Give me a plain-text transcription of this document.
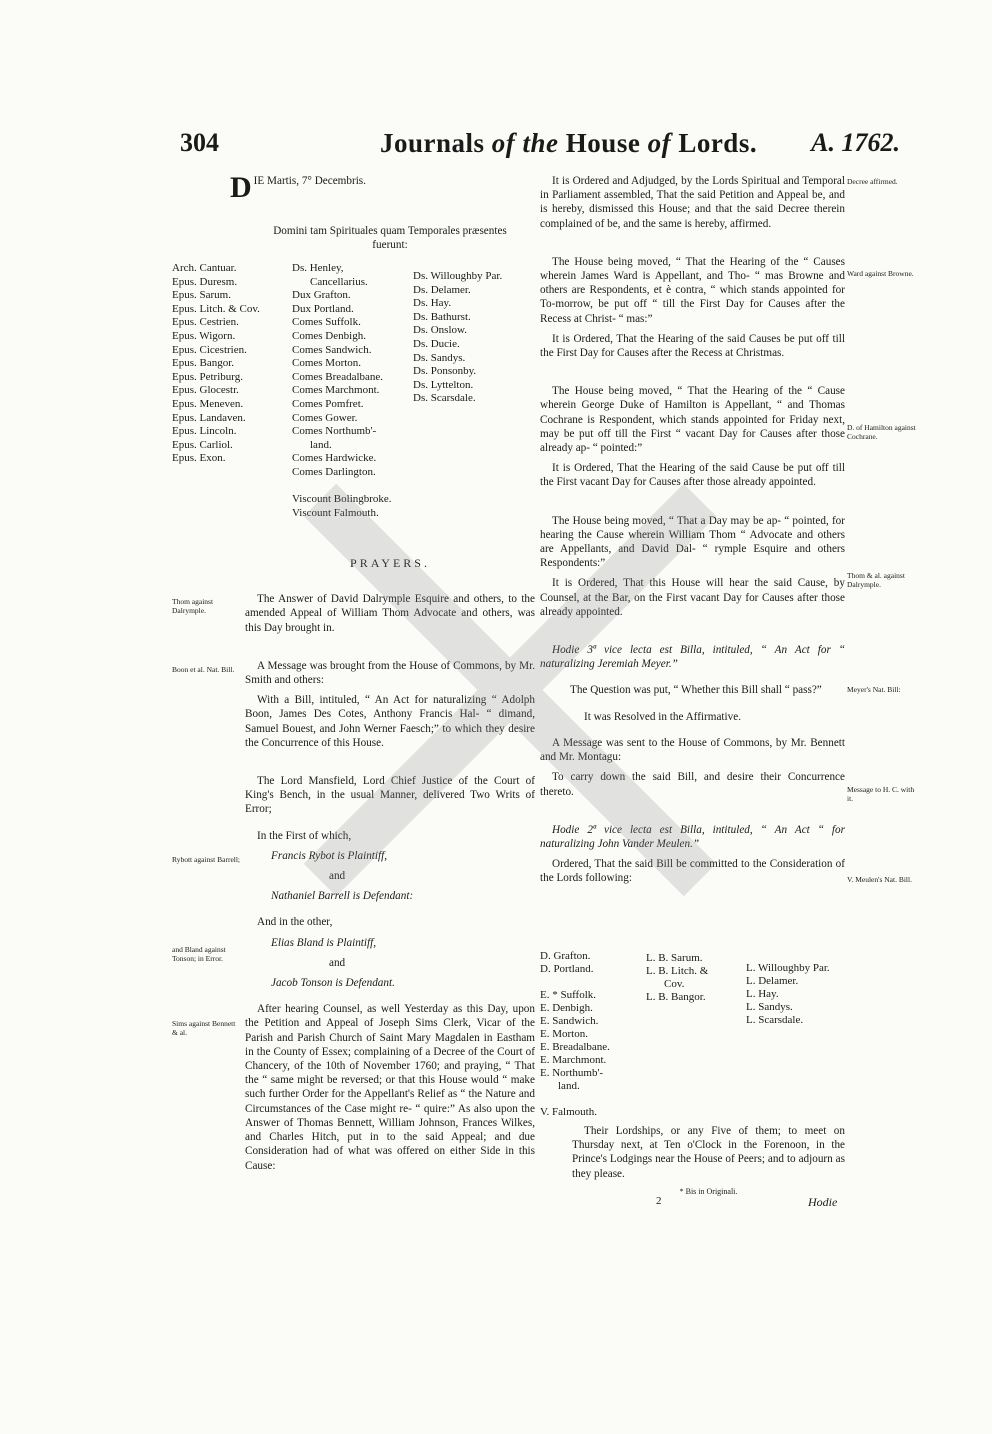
304	Journals of the House of Lords. A. 1762.
D IE Martis, 7° Decembris.

Domini tam Spirituales quam Temporales præsentes

fuerunt:

Arch. Cantuar.
Epus. Duresm.
Epus. Sarum.
Epus. Litch. & Cov.
Epus. Cestrien.
Epus. Wigorn.
Epus. Cicestrien.
Epus. Bangor.
Epus. Petriburg.
Epus. Glocestr.
Epus. Meneven.
Epus. Landaven.
Epus. Lincoln.
Epus. Carliol.
Epus. Exon.
Ds. Henley,
Cancellarius.
Dux Grafton.
Dux Portland.
Comes Suffolk.
Comes Denbigh.
Comes Sandwich.
Comes Morton.
Comes Breadalbane.
Comes Marchmont.
Comes Pomfret.
Comes Gower.
Comes Northumb'-
land.
Comes Hardwicke.
Comes Darlington.

Viscount Bolingbroke.
Viscount Falmouth.
Ds. Willoughby Par.
Ds. Delamer.
Ds. Hay.
Ds. Bathurst.
Ds. Onslow.
Ds. Ducie.
Ds. Sandys.
Ds. Ponsonby.
Ds. Lyttelton.
Ds. Scarsdale.

PRAYERS.

The Answer of David Dalrymple Esquire and others, to the amended Appeal of William Thom Advocate and others, was this Day brought in.

A Message was brought from the House of Commons, by Mr. Smith and others:

With a Bill, intituled, “ An Act for naturalizing “ Adolph Boon, James Des Cotes, Anthony Francis Hal- “ dimand, Samuel Bouest, and John Werner Faesch;” to which they desire the Concurrence of this House.

The Lord Mansfield, Lord Chief Justice of the Court of King's Bench, in the usual Manner, delivered Two Writs of Error;

In the First of which,

Francis Rybot is Plaintiff,

and

Nathaniel Barrell is Defendant:

And in the other,

Elias Bland is Plaintiff,

and

Jacob Tonson is Defendant.

After hearing Counsel, as well Yesterday as this Day, upon the Petition and Appeal of Joseph Sims Clerk, Vicar of the Parish and Parish Church of Saint Mary Magdalen in Eastham in the County of Essex; complaining of a Decree of the Court of Chancery, of the 10th of November 1760; and praying, “ That the “ same might be reversed; or that this House would “ make such further Order for the Appellant's Relief as “ the Nature and Circumstances of the Case might re- “ quire:” As also upon the Answer of Thomas Bennett, William Johnson, Frances Wilkes, and Charles Hitch, put in to the said Appeal; and due Consideration had of what was offered on either Side in this Cause:

Thom against Dalrymple.
Boon et al. Nat. Bill.
Rybott against Barrell;
and Bland against Tonson; in Error.
Sims against Bennett & al.

It is Ordered and Adjudged, by the Lords Spiritual and Temporal in Parliament assembled, That the said Petition and Appeal be, and is hereby, dismissed this House; and that the said Decree therein complained of be, and the same is hereby, affirmed.

The House being moved, “ That the Hearing of the “ Causes wherein James Ward is Appellant, and Tho- “ mas Browne and others are Respondents, et è contra, “ which stands appointed for To-morrow, be put off “ till the First Day for Causes after the Recess at Christ- “ mas:”

It is Ordered, That the Hearing of the said Causes be put off till the First Day for Causes after the Recess at Christmas.

The House being moved, “ That the Hearing of the “ Cause wherein George Duke of Hamilton is Appellant, “ and Thomas Cochrane is Respondent, which stands appointed for Friday next, may be put off till the First “ vacant Day for Causes after those already ap- “ pointed:”

It is Ordered, That the Hearing of the said Cause be put off till the First vacant Day for Causes after those already appointed.

The House being moved, “ That a Day may be ap- “ pointed, for hearing the Cause wherein William Thom “ Advocate and others are Appellants, and David Dal- “ rymple Esquire and others Respondents:”

It is Ordered, That this House will hear the said Cause, by Counsel, at the Bar, on the First vacant Day for Causes after those already appointed.

Hodie 3ª vice lecta est Billa, intituled, “ An Act for “ naturalizing Jeremiah Meyer.”

The Question was put, “ Whether this Bill shall “ pass?”

It was Resolved in the Affirmative.

A Message was sent to the House of Commons, by Mr. Bennett and Mr. Montagu:

To carry down the said Bill, and desire their Concurrence thereto.

Hodie 2ª vice lecta est Billa, intituled, “ An Act “ for naturalizing John Vander Meulen.”

Ordered, That the said Bill be committed to the Consideration of the Lords following:

D. Grafton.
D. Portland.

E. * Suffolk.
E. Denbigh.
E. Sandwich.
E. Morton.
E. Breadalbane.
E. Marchmont.
E. Northumb'-
land.

V. Falmouth.
L. B. Sarum.
L. B. Litch. &
Cov.
L. B. Bangor.
L. Willoughby Par.
L. Delamer.
L. Hay.
L. Sandys.
L. Scarsdale.

Their Lordships, or any Five of them; to meet on Thursday next, at Ten o'Clock in the Forenoon, in the Prince's Lodgings near the House of Peers; and to adjourn as they please.

* Bis in Originali.

2	Hodie
Decree affirmed.
Ward against Browne.
D. of Hamilton against Cochrane.
Thom & al. against Dalrymple.
Meyer's Nat. Bill:
Message to H. C. with it.
V. Meulen's Nat. Bill.
